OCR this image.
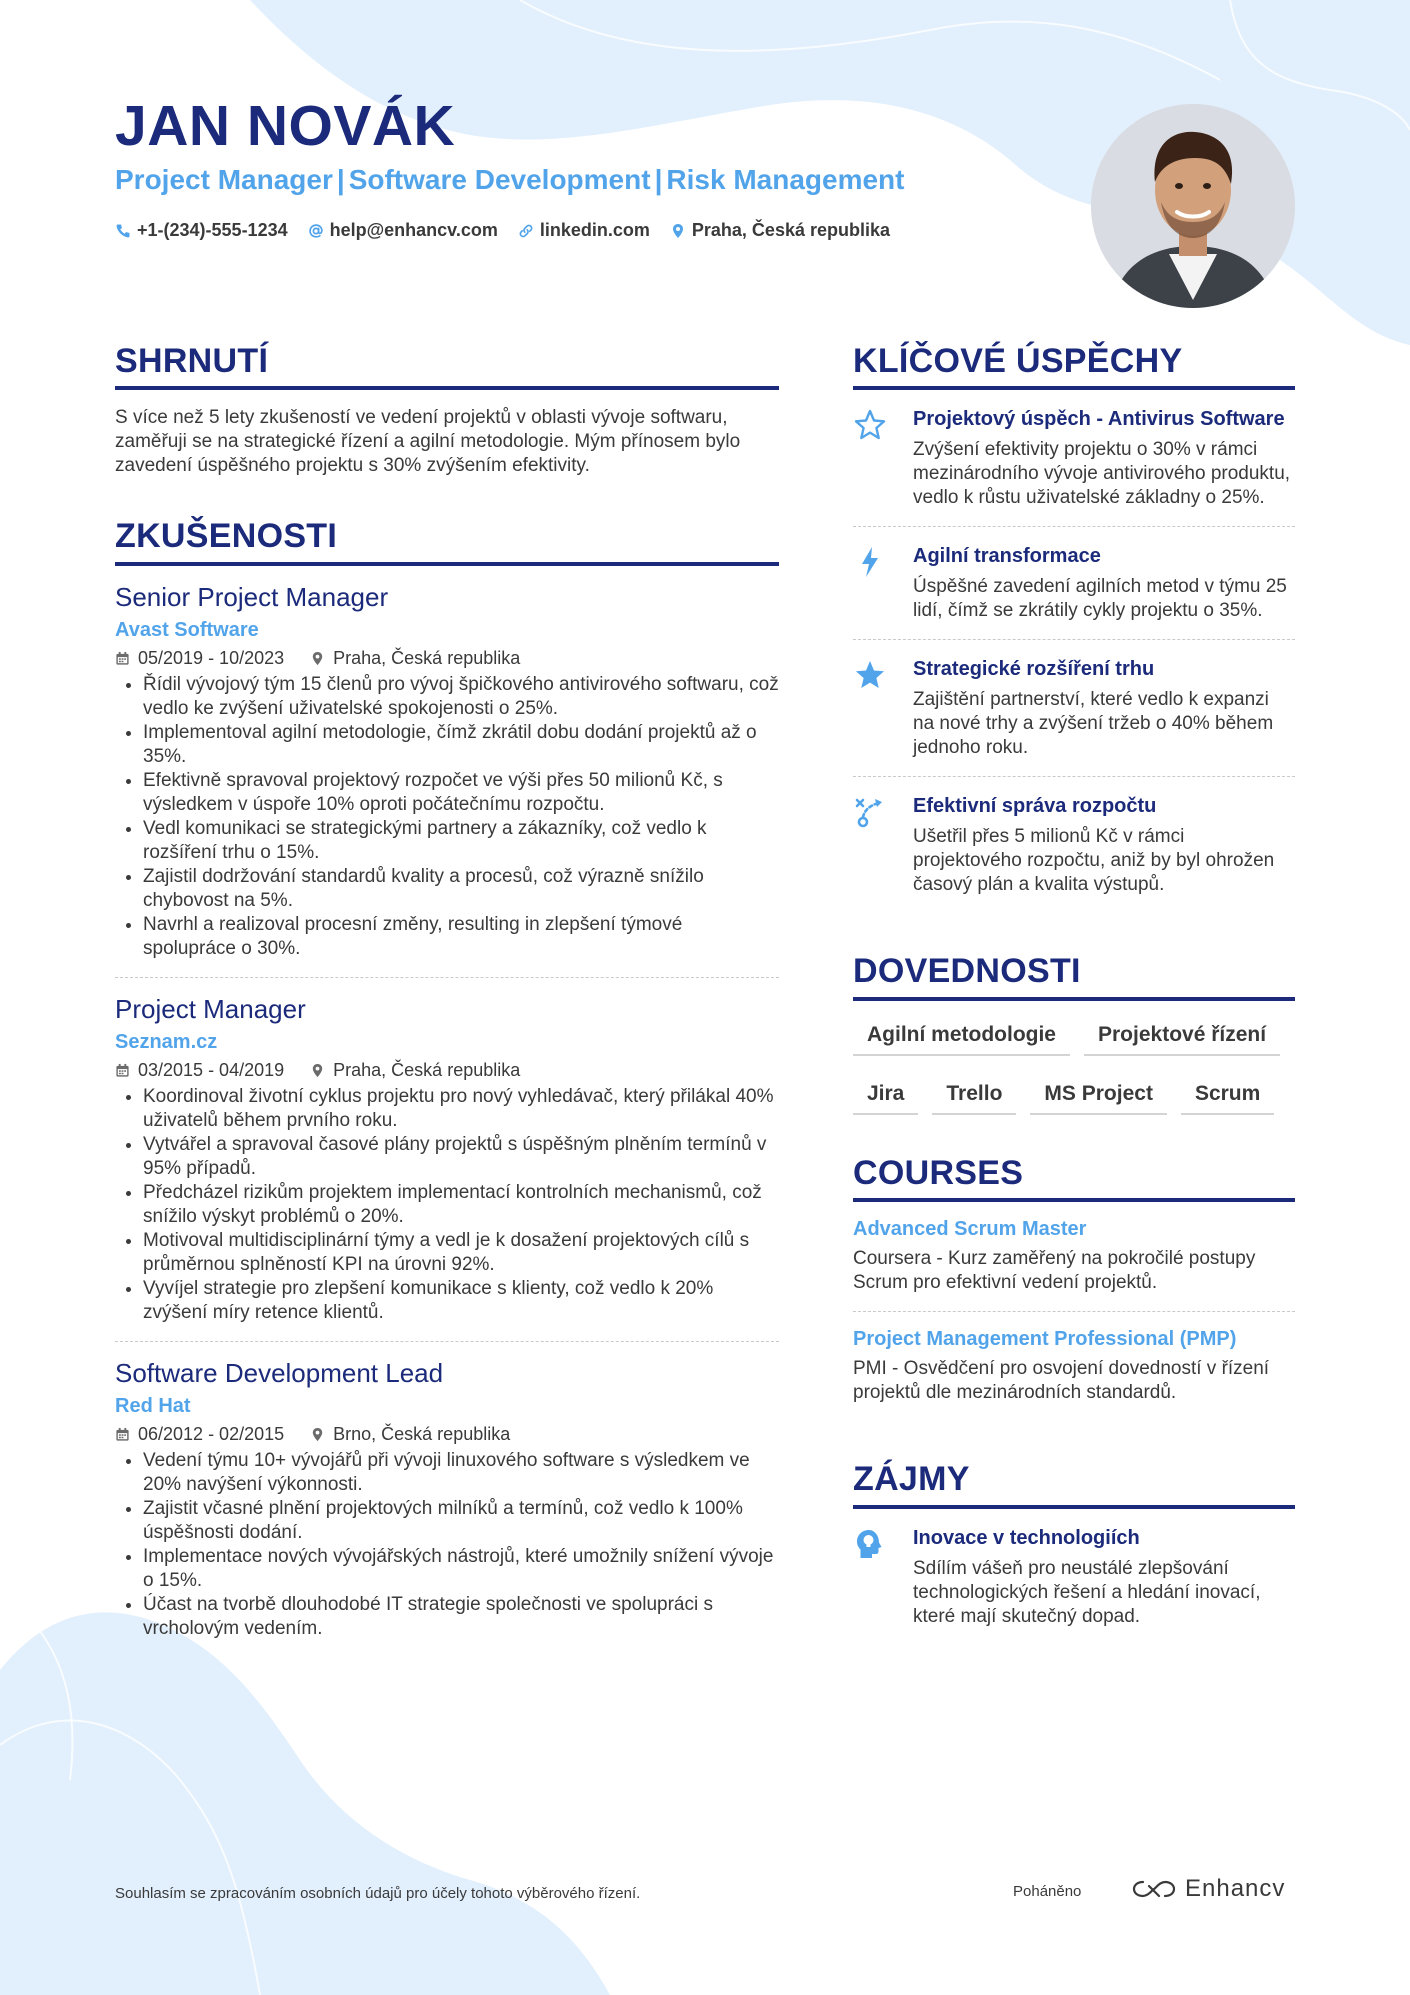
JAN NOVÁK
Project Manager | Software Development | Risk Management
+1-(234)-555-1234 help@enhancv.com linkedin.com Praha, Česká republika
SHRNUTÍ
S více než 5 lety zkušeností ve vedení projektů v oblasti vývoje softwaru, zaměřuji se na strategické řízení a agilní metodologie. Mým přínosem bylo zavedení úspěšného projektu s 30% zvýšením efektivity.
ZKUŠENOSTI
Senior Project Manager
Avast Software
05/2019 - 10/2023	Praha, Česká republika
• Řídil vývojový tým 15 členů pro vývoj špičkového antivirového softwaru, což vedlo ke zvýšení uživatelské spokojenosti o 25%.
• Implementoval agilní metodologie, čímž zkrátil dobu dodání projektů až o 35%.
• Efektivně spravoval projektový rozpočet ve výši přes 50 milionů Kč, s výsledkem v úspoře 10% oproti počátečnímu rozpočtu.
• Vedl komunikaci se strategickými partnery a zákazníky, což vedlo k rozšíření trhu o 15%.
• Zajistil dodržování standardů kvality a procesů, což výrazně snížilo chybovost na 5%.
• Navrhl a realizoval procesní změny, resulting in zlepšení týmové spolupráce o 30%.
Project Manager
Seznam.cz
03/2015 - 04/2019	Praha, Česká republika
• Koordinoval životní cyklus projektu pro nový vyhledávač, který přilákal 40% uživatelů během prvního roku.
• Vytvářel a spravoval časové plány projektů s úspěšným plněním termínů v 95% případů.
• Předcházel rizikům projektem implementací kontrolních mechanismů, což snížilo výskyt problémů o 20%.
• Motivoval multidisciplinární týmy a vedl je k dosažení projektových cílů s průměrnou splněností KPI na úrovni 92%.
• Vyvíjel strategie pro zlepšení komunikace s klienty, což vedlo k 20% zvýšení míry retence klientů.
Software Development Lead
Red Hat
06/2012 - 02/2015	Brno, Česká republika
• Vedení týmu 10+ vývojářů při vývoji linuxového software s výsledkem ve 20% navýšení výkonnosti.
• Zajistit včasné plnění projektových milníků a termínů, což vedlo k 100% úspěšnosti dodání.
• Implementace nových vývojářských nástrojů, které umožnily snížení vývoje o 15%.
• Účast na tvorbě dlouhodobé IT strategie společnosti ve spolupráci s vrcholovým vedením.
KLÍČOVÉ ÚSPĚCHY
Projektový úspěch - Antivirus Software
Zvýšení efektivity projektu o 30% v rámci mezinárodního vývoje antivirového produktu, vedlo k růstu uživatelské základny o 25%.
Agilní transformace
Úspěšné zavedení agilních metod v týmu 25 lidí, čímž se zkrátily cykly projektu o 35%.
Strategické rozšíření trhu
Zajištění partnerství, které vedlo k expanzi na nové trhy a zvýšení tržeb o 40% během jednoho roku.
Efektivní správa rozpočtu
Ušetřil přes 5 milionů Kč v rámci projektového rozpočtu, aniž by byl ohrožen časový plán a kvalita výstupů.
DOVEDNOSTI
Agilní metodologie	Projektové řízení
Jira	Trello	MS Project	Scrum
COURSES
Advanced Scrum Master
Coursera - Kurz zaměřený na pokročilé postupy Scrum pro efektivní vedení projektů.
Project Management Professional (PMP)
PMI - Osvědčení pro osvojení dovedností v řízení projektů dle mezinárodních standardů.
ZÁJMY
Inovace v technologiích
Sdílím vášeň pro neustálé zlepšování technologických řešení a hledání inovací, které mají skutečný dopad.
Souhlasím se zpracováním osobních údajů pro účely tohoto výběrového řízení.	Poháněno	Enhancv
